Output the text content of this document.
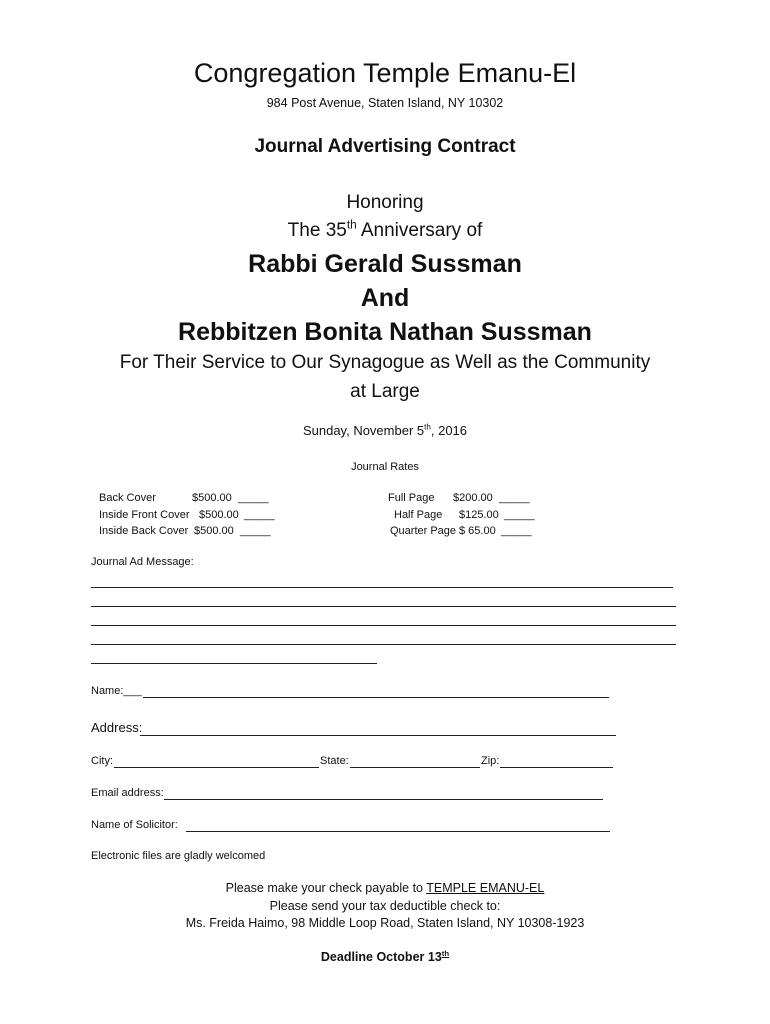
Congregation Temple Emanu-El
984 Post Avenue, Staten Island, NY 10302
Journal Advertising Contract
Honoring
The 35th Anniversary of
Rabbi Gerald Sussman
And
Rebbitzen Bonita Nathan Sussman
For Their Service to Our Synagogue as Well as the Community
at Large
Sunday, November 5th, 2016
Journal Rates
Back Cover	$500.00 _____
Inside Front Cover $500.00 _____
Inside Back Cover $500.00 _____
Full Page $200.00 _____
Half Page $125.00 _____
Quarter Page $ 65.00 _____
Journal Ad Message:
Name:___
Address:
City:	State:	Zip:
Email address:
Name of Solicitor:
Electronic files are gladly welcomed
Please make your check payable to TEMPLE EMANU-EL
Please send your tax deductible check to:
Ms. Freida Haimo, 98 Middle Loop Road, Staten Island, NY 10308-1923
Deadline October 13th
